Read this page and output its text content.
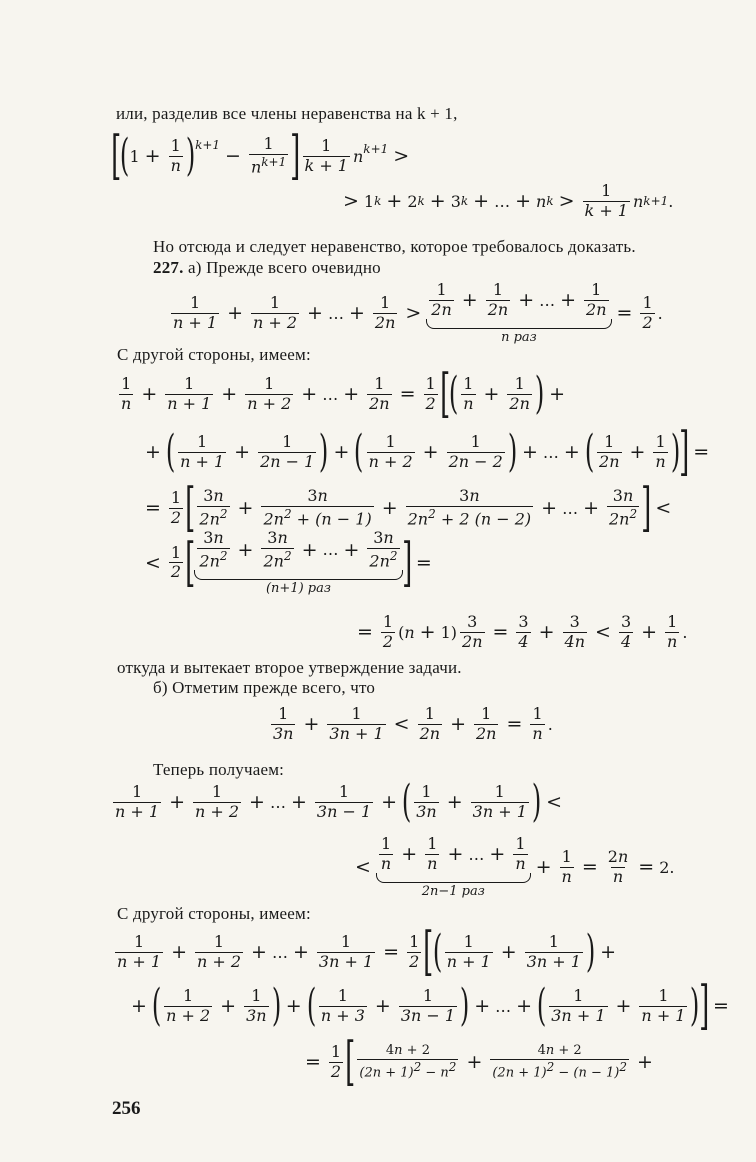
или, разделив все члены неравенства на k + 1,
[
( $1 + \frac{1}{n} )^{k+1} - \frac{1}{n^{k+1}}$ ] $\frac{1}{k + 1} n^{k+1}$ >
> 1 k + 2 k + 3 k + … + n $k > \frac{1}{k + 1}$ n k+1 .
Но отсюда и следует неравенство, которое требовалось доказать.
227.
а) Прежде всего очевидно
$\frac{1}{n + 1} + \frac{1}{n + 2}$ + … + $\frac{1}{2n} > \frac{1}{2n} + \frac{1}{2n}$ + … + $\frac{1}{2n}$
n раз
= $\frac{1}{2}$ .
С другой стороны, имеем:
$\frac{1}{n} + \frac{1}{n + 1} + \frac{1}{n + 2}$ + … + $\frac{1}{2n} = \frac{1}{2}$ [
( $\frac{1}{n} + \frac{1}{2n}$ ) +
+ ( $\frac{1}{n + 1} + \frac{1}{2n - 1}$ ) + ( $\frac{1}{n + 2} + \frac{1}{2n - 2}$ ) + … + ( $\frac{1}{2n} + \frac{1}{n}$ )
] =
= $\frac{1}{2}$ [ $\frac{3n}{2n^2} + \frac{3n}{2n^2 + (n - 1)} + \frac{3n}{2n^2 + 2 (n - 2)}$ + … + $\frac{3n}{2n^2}$ ] <
< $\frac{1}{2}$ [ $\frac{3n}{2n^2} + \frac{3n}{2n^2}$ + … + $\frac{3n}{2n^2}$
(n+1) раз ] =
= $\frac{1}{2}$ ( $n + 1) \frac{3}{2n} = \frac{3}{4} + \frac{3}{4n} < \frac{3}{4} + \frac{1}{n}$ .
откуда и вытекает второе утверждение задачи.
б) Отметим прежде всего, что
$\frac{1}{3n} + \frac{1}{3n + 1} < \frac{1}{2n} + \frac{1}{2n} = \frac{1}{n}$ .
Теперь получаем:
$\frac{1}{n + 1} + \frac{1}{n + 2}$ + … + $\frac{1}{3n - 1}$ + ( $\frac{1}{3n} + \frac{1}{3n + 1}$ ) <
< $\frac{1}{n} + \frac{1}{n}$ + … + $\frac{1}{n}$
2n−1 раз
+ $\frac{1}{n} = \frac{2n}{n} = 2$.
С другой стороны, имеем:
$\frac{1}{n + 1} + \frac{1}{n + 2}$ + … + $\frac{1}{3n + 1} = \frac{1}{2}$ [
( $\frac{1}{n + 1} + \frac{1}{3n + 1}$ ) +
+ ( $\frac{1}{n + 2} + \frac{1}{3n}$ ) + ( $\frac{1}{n + 3} + \frac{1}{3n - 1}$ ) + … + ( $\frac{1}{3n + 1} + \frac{1}{n + 1}$ )
] =
= $\frac{1}{2}$ [ $\frac{4n + 2}{(2n + 1)^2 - n^2} + \frac{4n + 2}{(2n + 1)^2 - (n - 1)^2}$ +
256
